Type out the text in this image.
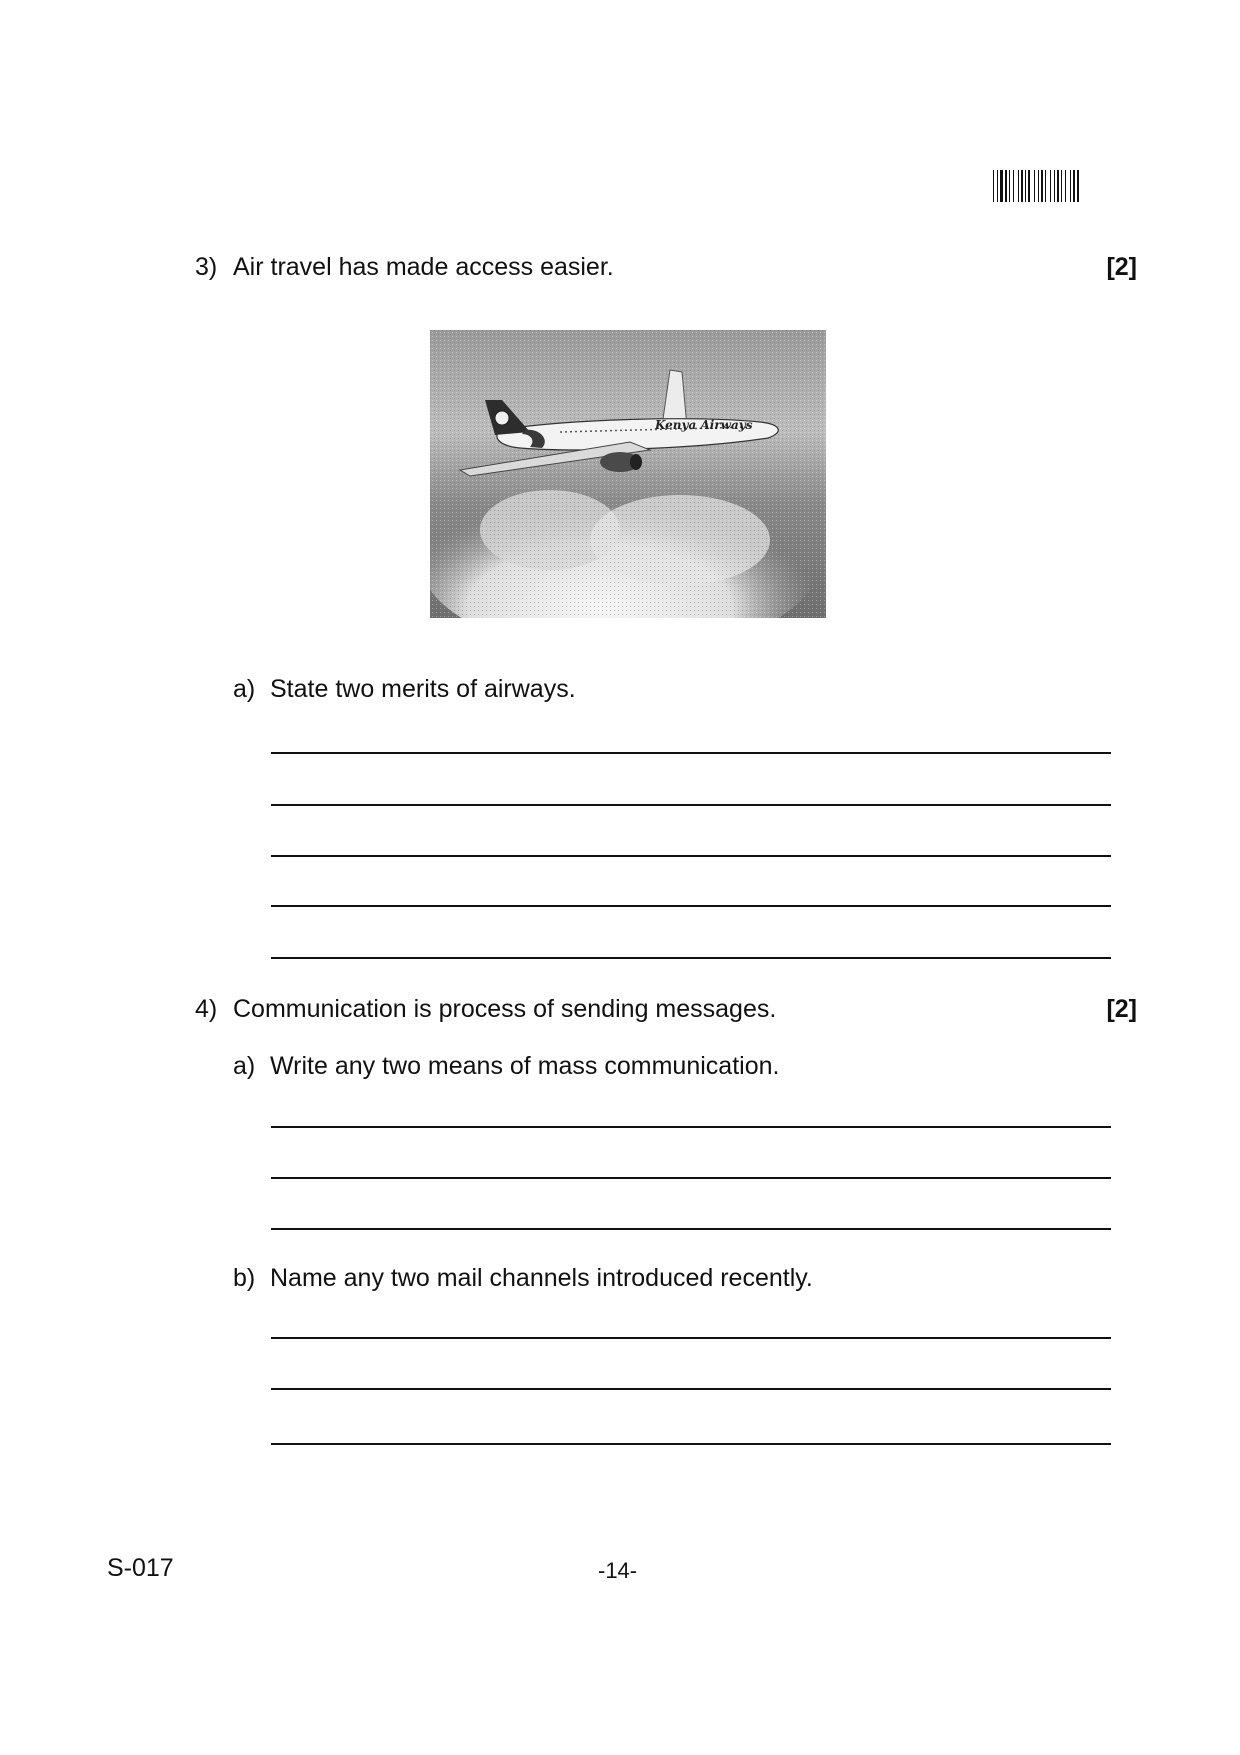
3) Air travel has made access easier.	[2]
Kenya Airways
a) State two merits of airways.
4) Communication is process of sending messages.	[2]
a) Write any two means of mass communication.
b) Name any two mail channels introduced recently.
S-017	-14-
